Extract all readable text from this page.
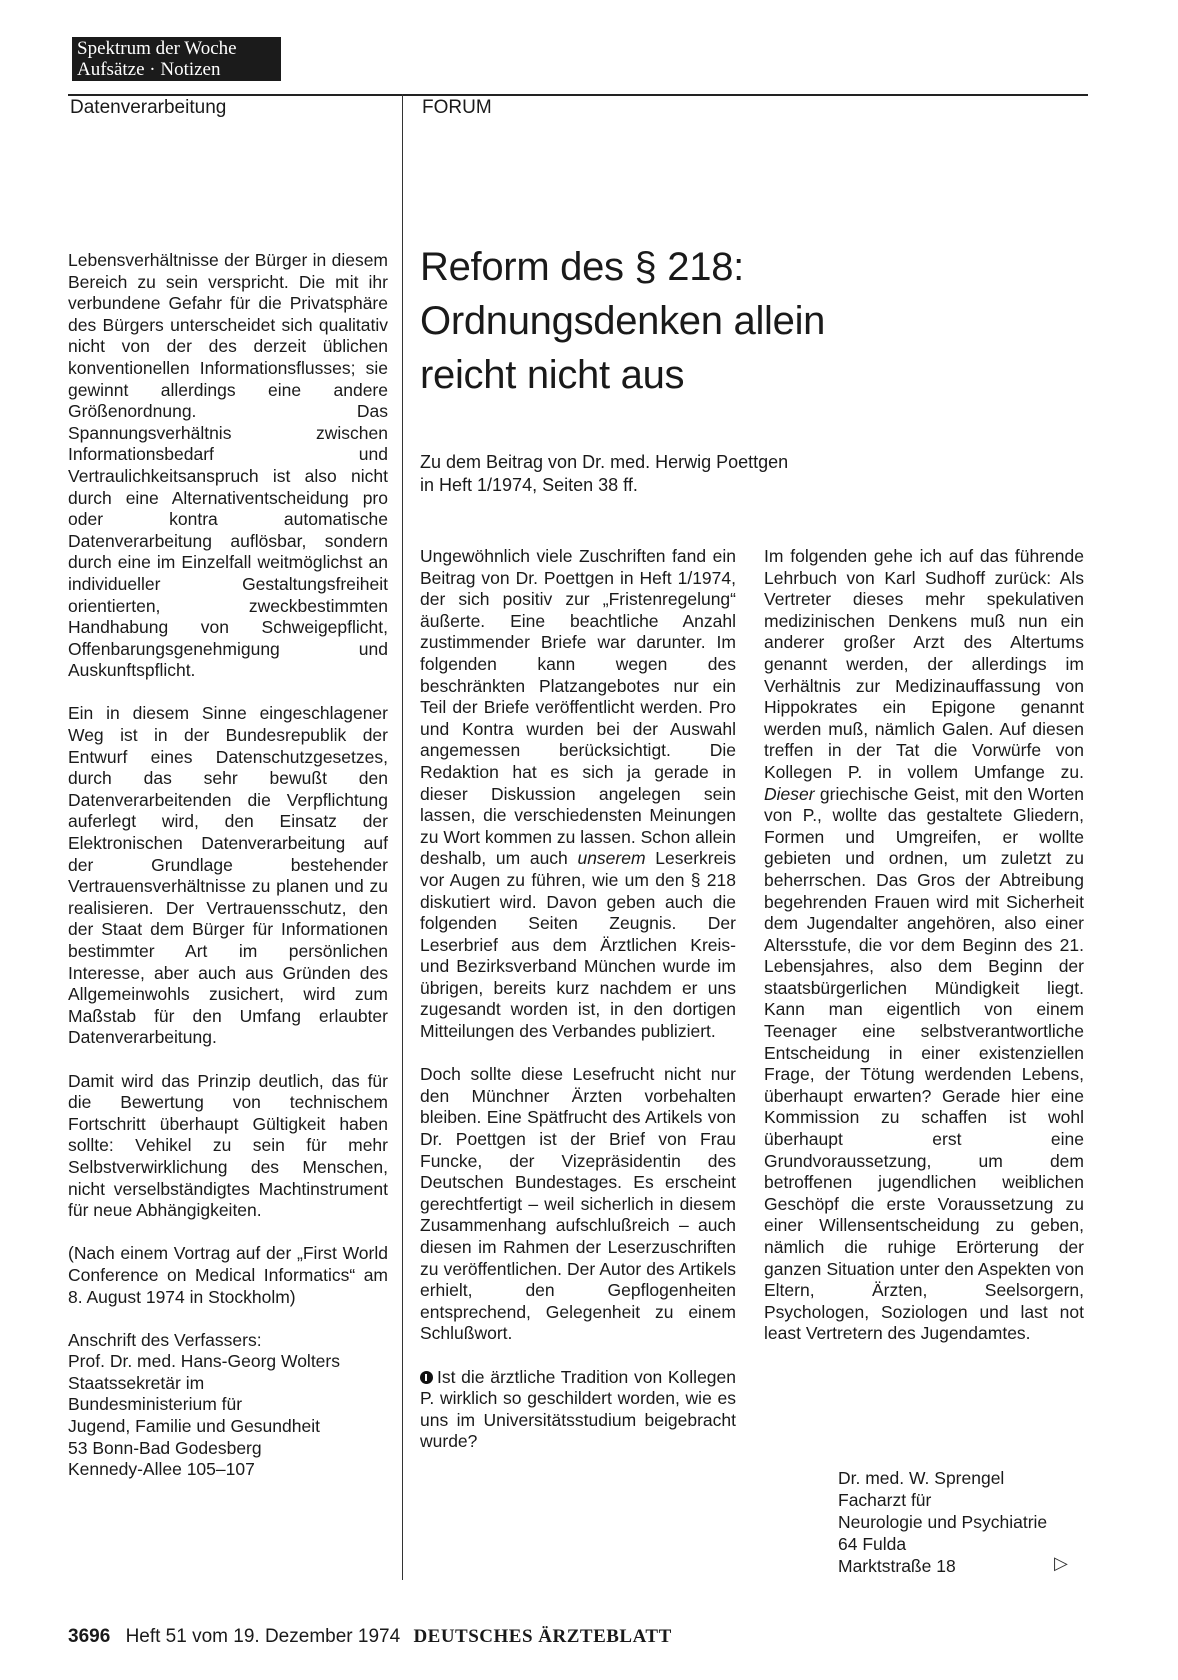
Spektrum der Woche
Aufsätze · Notizen
Datenverarbeitung	FORUM
Reform des § 218:
Ordnungsdenken allein
reicht nicht aus
Zu dem Beitrag von Dr. med. Herwig Poettgen
in Heft 1/1974, Seiten 38 ff.

Lebensverhältnisse der Bürger in diesem Bereich zu sein verspricht. Die mit ihr verbundene Gefahr für die Privatsphäre des Bürgers unterscheidet sich qualitativ nicht von der des derzeit üblichen konventionellen Informationsflusses; sie gewinnt allerdings eine andere Größenordnung. Das Spannungsverhältnis zwischen Informationsbedarf und Vertraulichkeitsanspruch ist also nicht durch eine Alternativentscheidung pro oder kontra automatische Datenverarbeitung auflösbar, sondern durch eine im Einzelfall weitmöglichst an individueller Gestaltungsfreiheit orientierten, zweckbestimmten Handhabung von Schweigepflicht, Offenbarungsgenehmigung und Auskunftspflicht.

Ein in diesem Sinne eingeschlagener Weg ist in der Bundesrepublik der Entwurf eines Datenschutzgesetzes, durch das sehr bewußt den Datenverarbeitenden die Verpflichtung auferlegt wird, den Einsatz der Elektronischen Datenverarbeitung auf der Grundlage bestehender Vertrauensverhältnisse zu planen und zu realisieren. Der Vertrauensschutz, den der Staat dem Bürger für Informationen bestimmter Art im persönlichen Interesse, aber auch aus Gründen des Allgemeinwohls zusichert, wird zum Maßstab für den Umfang erlaubter Datenverarbeitung.

Damit wird das Prinzip deutlich, das für die Bewertung von technischem Fortschritt überhaupt Gültigkeit haben sollte: Vehikel zu sein für mehr Selbstverwirklichung des Menschen, nicht verselbständigtes Machtinstrument für neue Abhängigkeiten.

(Nach einem Vortrag auf der „First World Conference on Medical Informatics“ am 8. August 1974 in Stockholm)

Anschrift des Verfassers:
Prof. Dr. med. Hans-Georg Wolters
Staatssekretär im
Bundesministerium für
Jugend, Familie und Gesundheit
53 Bonn-Bad Godesberg
Kennedy-Allee 105–107

Ungewöhnlich viele Zuschriften fand ein Beitrag von Dr. Poettgen in Heft 1/1974, der sich positiv zur „Fristenregelung“ äußerte. Eine beachtliche Anzahl zustimmender Briefe war darunter. Im folgenden kann wegen des beschränkten Platzangebotes nur ein Teil der Briefe veröffentlicht werden. Pro und Kontra wurden bei der Auswahl angemessen berücksichtigt. Die Redaktion hat es sich ja gerade in dieser Diskussion angelegen sein lassen, die verschiedensten Meinungen zu Wort kommen zu lassen. Schon allein deshalb, um auch unserem Leserkreis vor Augen zu führen, wie um den § 218 diskutiert wird. Davon geben auch die folgenden Seiten Zeugnis. Der Leserbrief aus dem Ärztlichen Kreis- und Bezirksverband München wurde im übrigen, bereits kurz nachdem er uns zugesandt worden ist, in den dortigen Mitteilungen des Verbandes publiziert.

Doch sollte diese Lesefrucht nicht nur den Münchner Ärzten vorbehalten bleiben. Eine Spätfrucht des Artikels von Dr. Poettgen ist der Brief von Frau Funcke, der Vizepräsidentin des Deutschen Bundestages. Es erscheint gerechtfertigt – weil sicherlich in diesem Zusammenhang aufschlußreich – auch diesen im Rahmen der Leserzuschriften zu veröffentlichen. Der Autor des Artikels erhielt, den Gepflogenheiten entsprechend, Gelegenheit zu einem Schlußwort.

Ist die ärztliche Tradition von Kollegen P. wirklich so geschildert worden, wie es uns im Universitätsstudium beigebracht wurde?

Im folgenden gehe ich auf das führende Lehrbuch von Karl Sudhoff zurück: Als Vertreter dieses mehr spekulativen medizinischen Denkens muß nun ein anderer großer Arzt des Altertums genannt werden, der allerdings im Verhältnis zur Medizinauffassung von Hippokrates ein Epigone genannt werden muß, nämlich Galen. Auf diesen treffen in der Tat die Vorwürfe von Kollegen P. in vollem Umfange zu. Dieser griechische Geist, mit den Worten von P., wollte das gestaltete Gliedern, Formen und Umgreifen, er wollte gebieten und ordnen, um zuletzt zu beherrschen. Das Gros der Abtreibung begehrenden Frauen wird mit Sicherheit dem Jugendalter angehören, also einer Altersstufe, die vor dem Beginn des 21. Lebensjahres, also dem Beginn der staatsbürgerlichen Mündigkeit liegt. Kann man eigentlich von einem Teenager eine selbstverantwortliche Entscheidung in einer existenziellen Frage, der Tötung werdenden Lebens, überhaupt erwarten? Gerade hier eine Kommission zu schaffen ist wohl überhaupt erst eine Grundvoraussetzung, um dem betroffenen jugendlichen weiblichen Geschöpf die erste Voraussetzung zu einer Willensentscheidung zu geben, nämlich die ruhige Erörterung der ganzen Situation unter den Aspekten von Eltern, Ärzten, Seelsorgern, Psychologen, Soziologen und last not least Vertretern des Jugendamtes.

Dr. med. W. Sprengel
Facharzt für
Neurologie und Psychiatrie
64 Fulda
Marktstraße 18	▷
3696 Heft 51 vom 19. Dezember 1974 DEUTSCHES ÄRZTEBLATT
